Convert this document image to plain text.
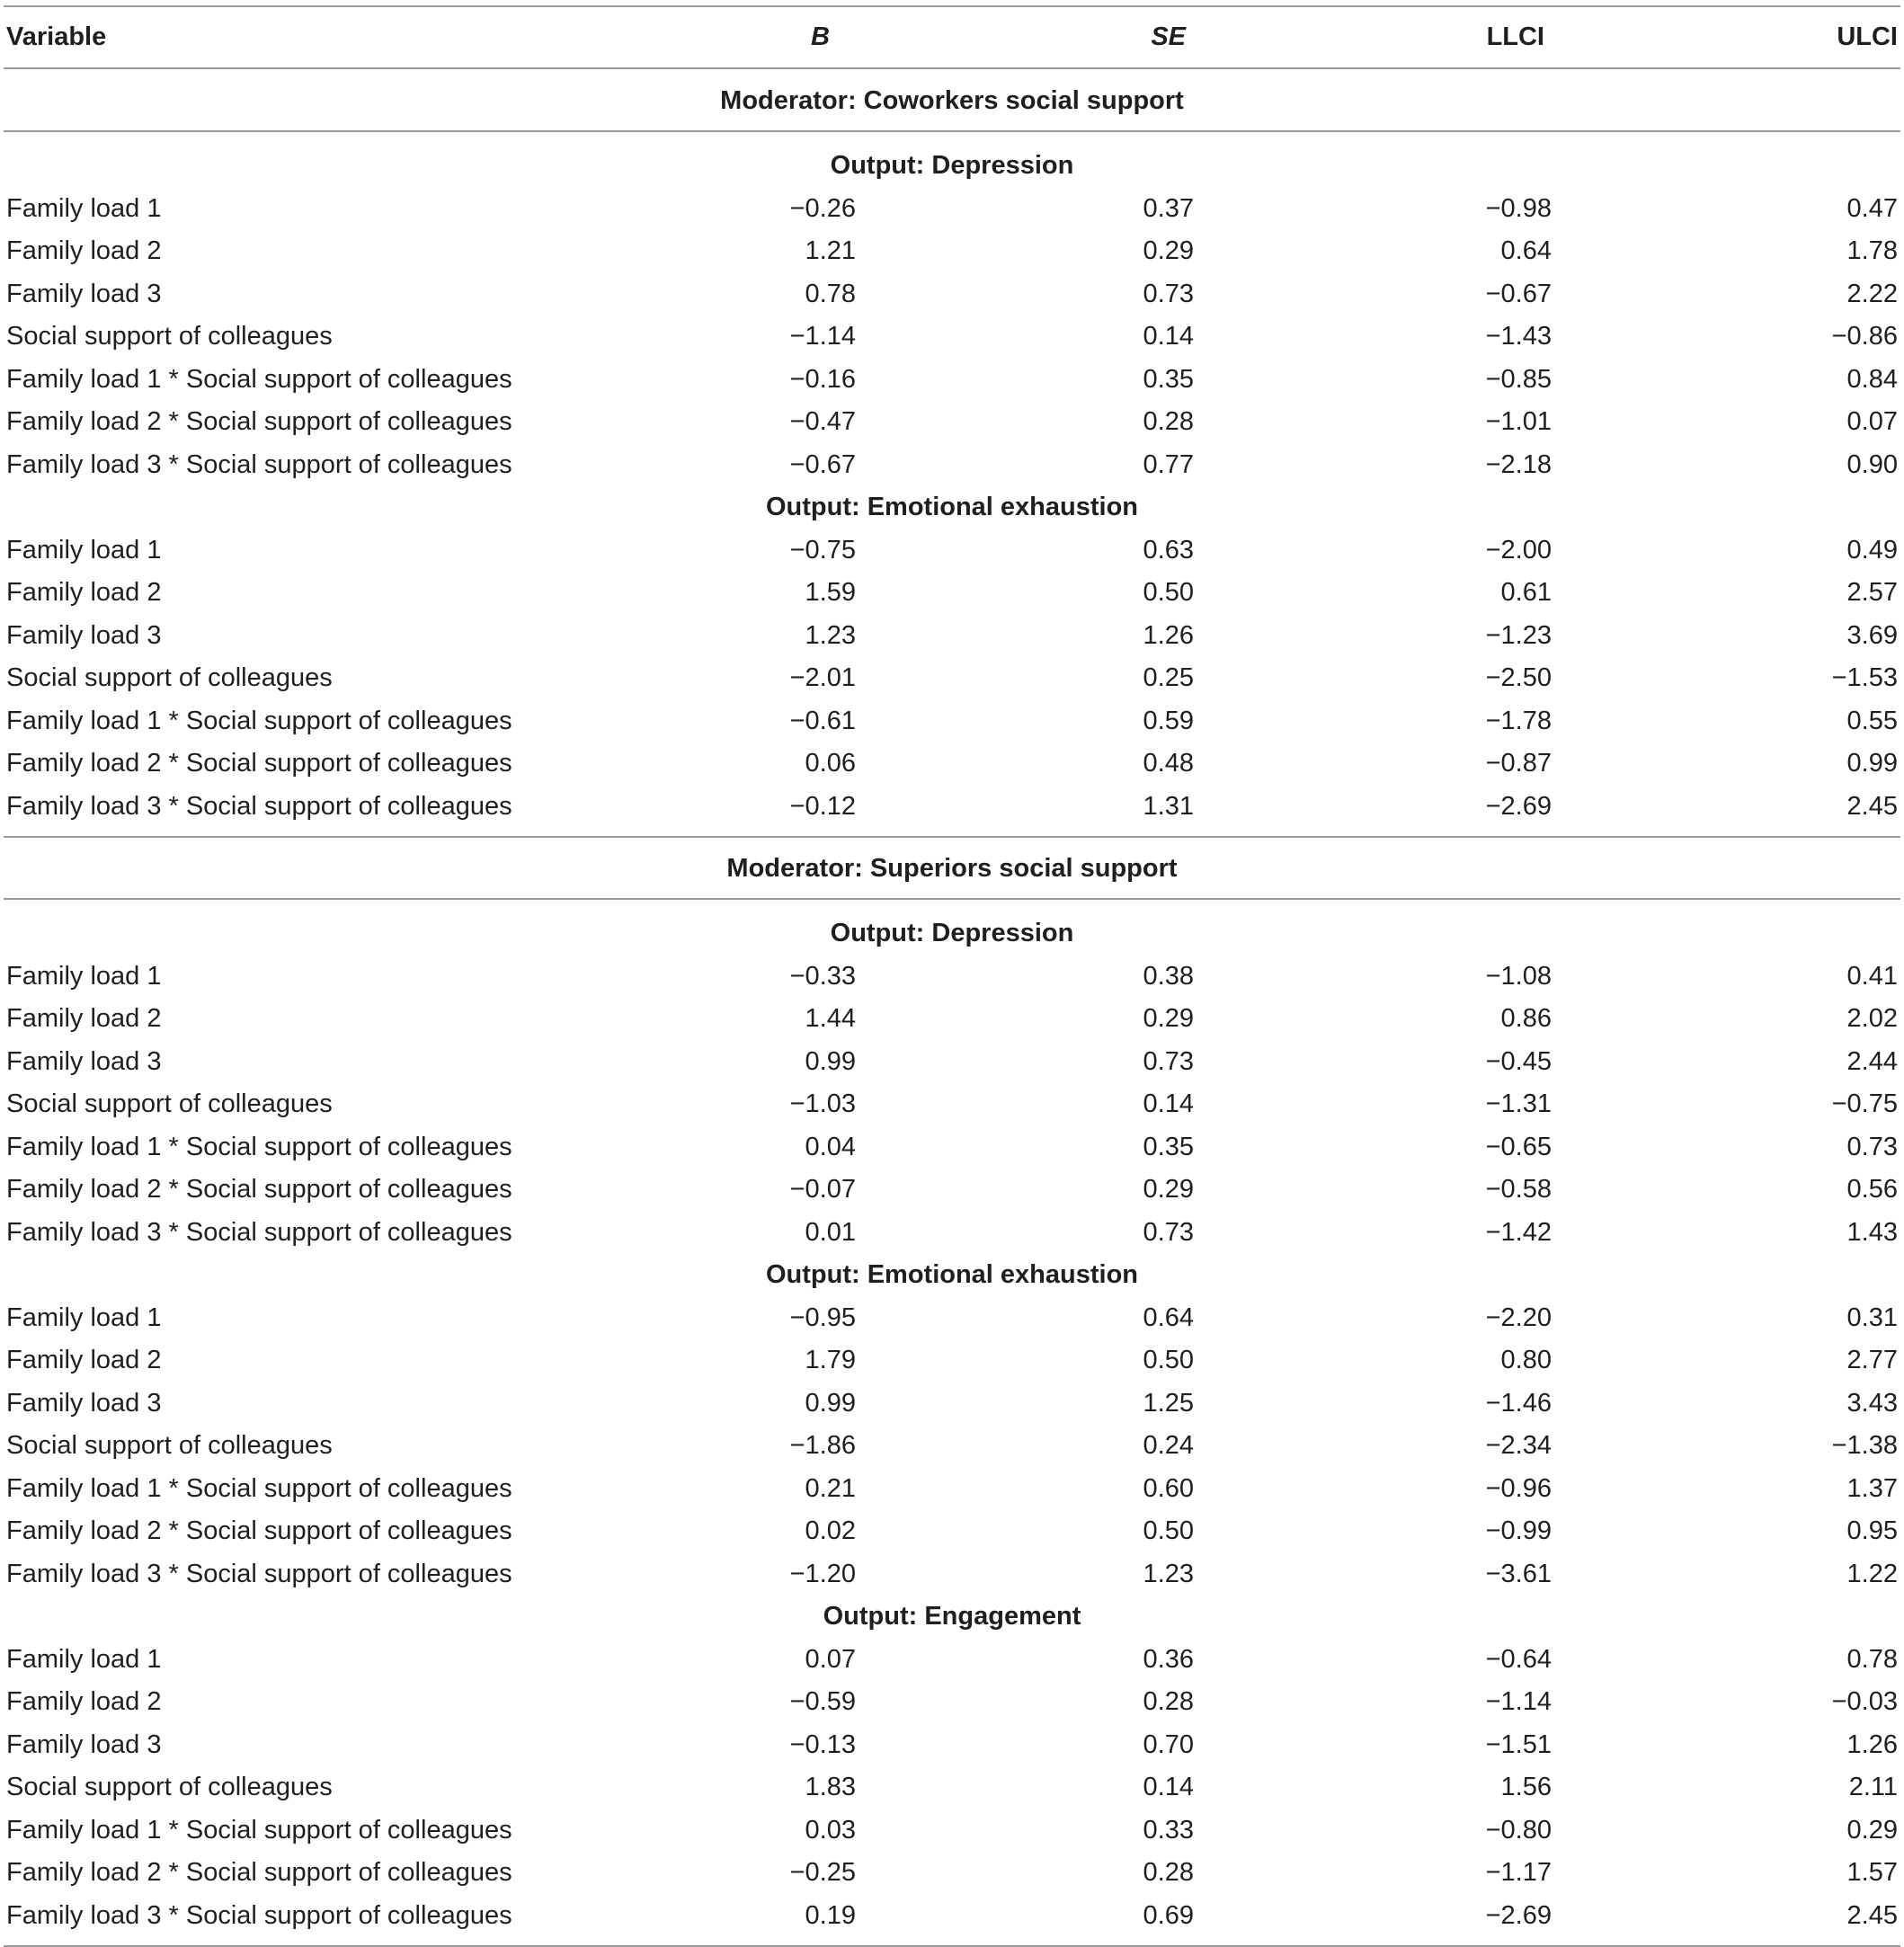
Variable	B	SE	LLCI	ULCI
Moderator: Coworkers social support
Output: Depression
Family load 1	−0.26	0.37	−0.98	0.47
Family load 2	1.21	0.29	0.64	1.78
Family load 3	0.78	0.73	−0.67	2.22
Social support of colleagues	−1.14	0.14	−1.43	−0.86
Family load 1 * Social support of colleagues	−0.16	0.35	−0.85	0.84
Family load 2 * Social support of colleagues	−0.47	0.28	−1.01	0.07
Family load 3 * Social support of colleagues	−0.67	0.77	−2.18	0.90
Output: Emotional exhaustion
Family load 1	−0.75	0.63	−2.00	0.49
Family load 2	1.59	0.50	0.61	2.57
Family load 3	1.23	1.26	−1.23	3.69
Social support of colleagues	−2.01	0.25	−2.50	−1.53
Family load 1 * Social support of colleagues	−0.61	0.59	−1.78	0.55
Family load 2 * Social support of colleagues	0.06	0.48	−0.87	0.99
Family load 3 * Social support of colleagues	−0.12	1.31	−2.69	2.45
Moderator: Superiors social support
Output: Depression
Family load 1	−0.33	0.38	−1.08	0.41
Family load 2	1.44	0.29	0.86	2.02
Family load 3	0.99	0.73	−0.45	2.44
Social support of colleagues	−1.03	0.14	−1.31	−0.75
Family load 1 * Social support of colleagues	0.04	0.35	−0.65	0.73
Family load 2 * Social support of colleagues	−0.07	0.29	−0.58	0.56
Family load 3 * Social support of colleagues	0.01	0.73	−1.42	1.43
Output: Emotional exhaustion
Family load 1	−0.95	0.64	−2.20	0.31
Family load 2	1.79	0.50	0.80	2.77
Family load 3	0.99	1.25	−1.46	3.43
Social support of colleagues	−1.86	0.24	−2.34	−1.38
Family load 1 * Social support of colleagues	0.21	0.60	−0.96	1.37
Family load 2 * Social support of colleagues	0.02	0.50	−0.99	0.95
Family load 3 * Social support of colleagues	−1.20	1.23	−3.61	1.22
Output: Engagement
Family load 1	0.07	0.36	−0.64	0.78
Family load 2	−0.59	0.28	−1.14	−0.03
Family load 3	−0.13	0.70	−1.51	1.26
Social support of colleagues	1.83	0.14	1.56	2.11
Family load 1 * Social support of colleagues	0.03	0.33	−0.80	0.29
Family load 2 * Social support of colleagues	−0.25	0.28	−1.17	1.57
Family load 3 * Social support of colleagues	0.19	0.69	−2.69	2.45
